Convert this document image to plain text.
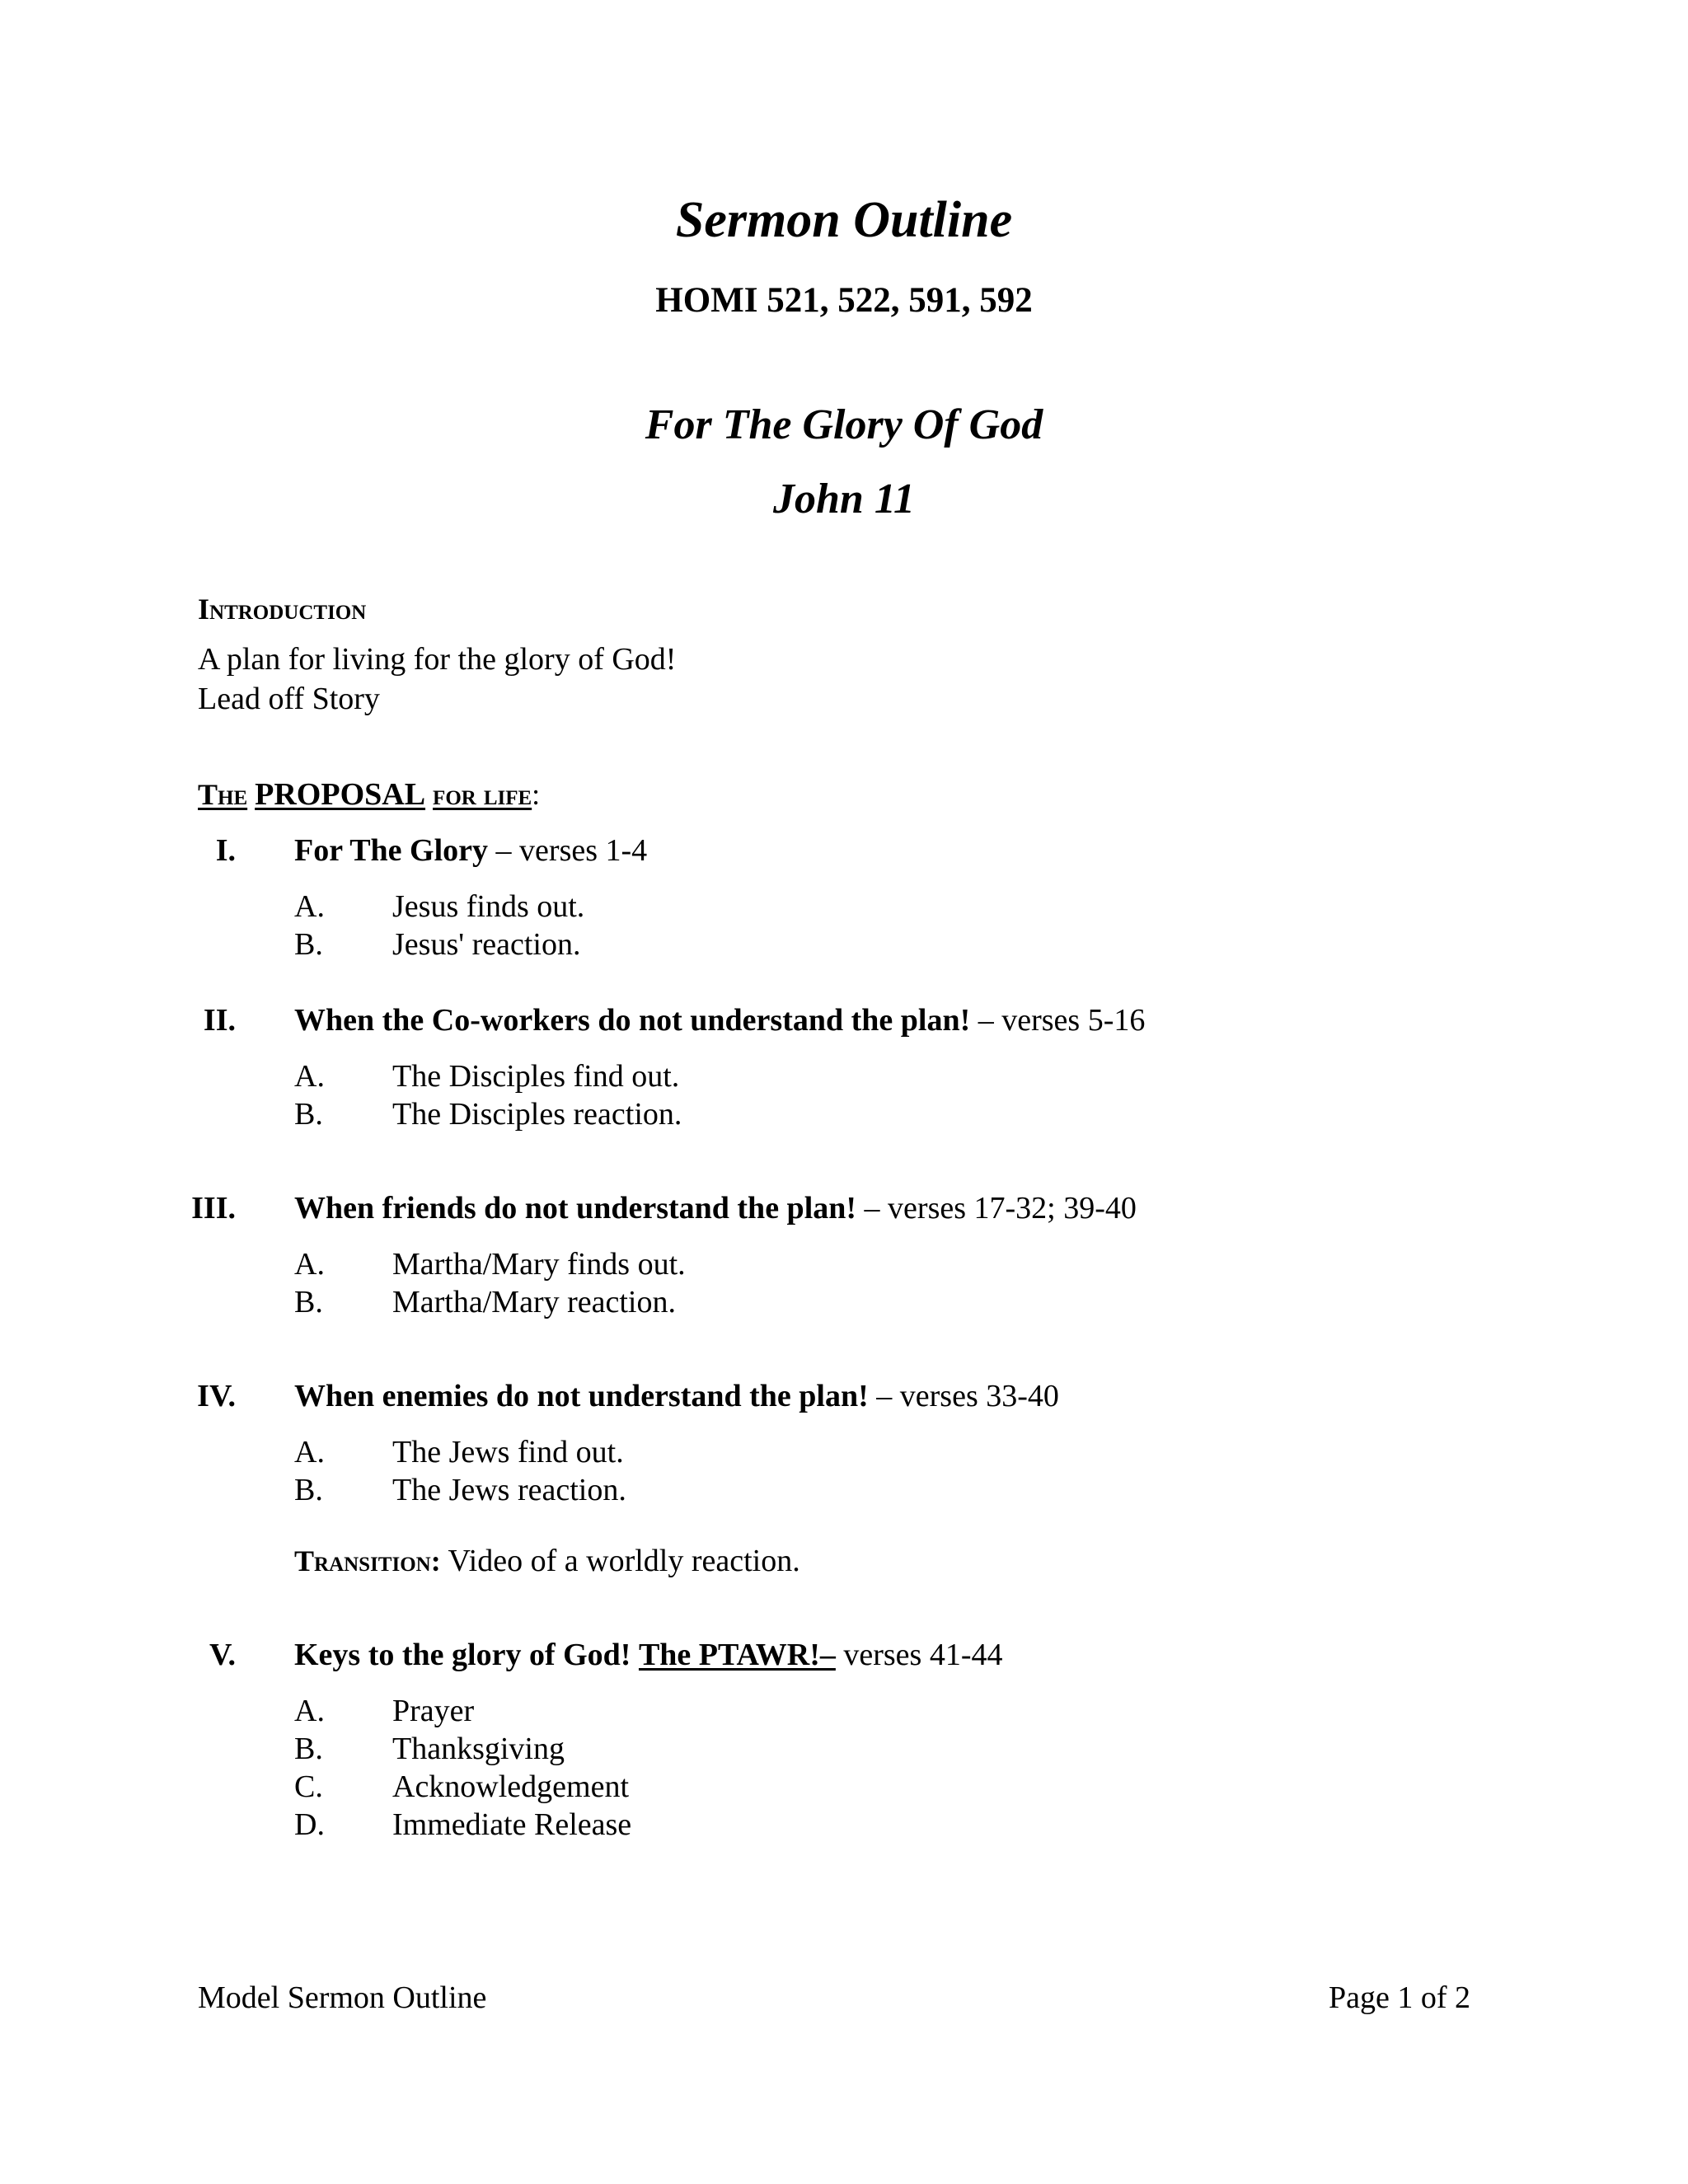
Sermon Outline
HOMI 521, 522, 591, 592
For The Glory Of God
John 11
Introduction
A plan for living for the glory of God!
Lead off Story
The PROPOSAL for life:
I. For The Glory – verses 1-4
A. Jesus finds out.
B. Jesus' reaction.
II. When the Co-workers do not understand the plan! – verses 5-16
A. The Disciples find out.
B. The Disciples reaction.
III. When friends do not understand the plan! – verses 17-32; 39-40
A. Martha/Mary finds out.
B. Martha/Mary reaction.
IV. When enemies do not understand the plan! – verses 33-40
A. The Jews find out.
B. The Jews reaction.
Transition: Video of a worldly reaction.
V. Keys to the glory of God! The PTAWR!– verses 41-44
A. Prayer
B. Thanksgiving
C. Acknowledgement
D. Immediate Release
Model Sermon Outline	Page 1 of 2
